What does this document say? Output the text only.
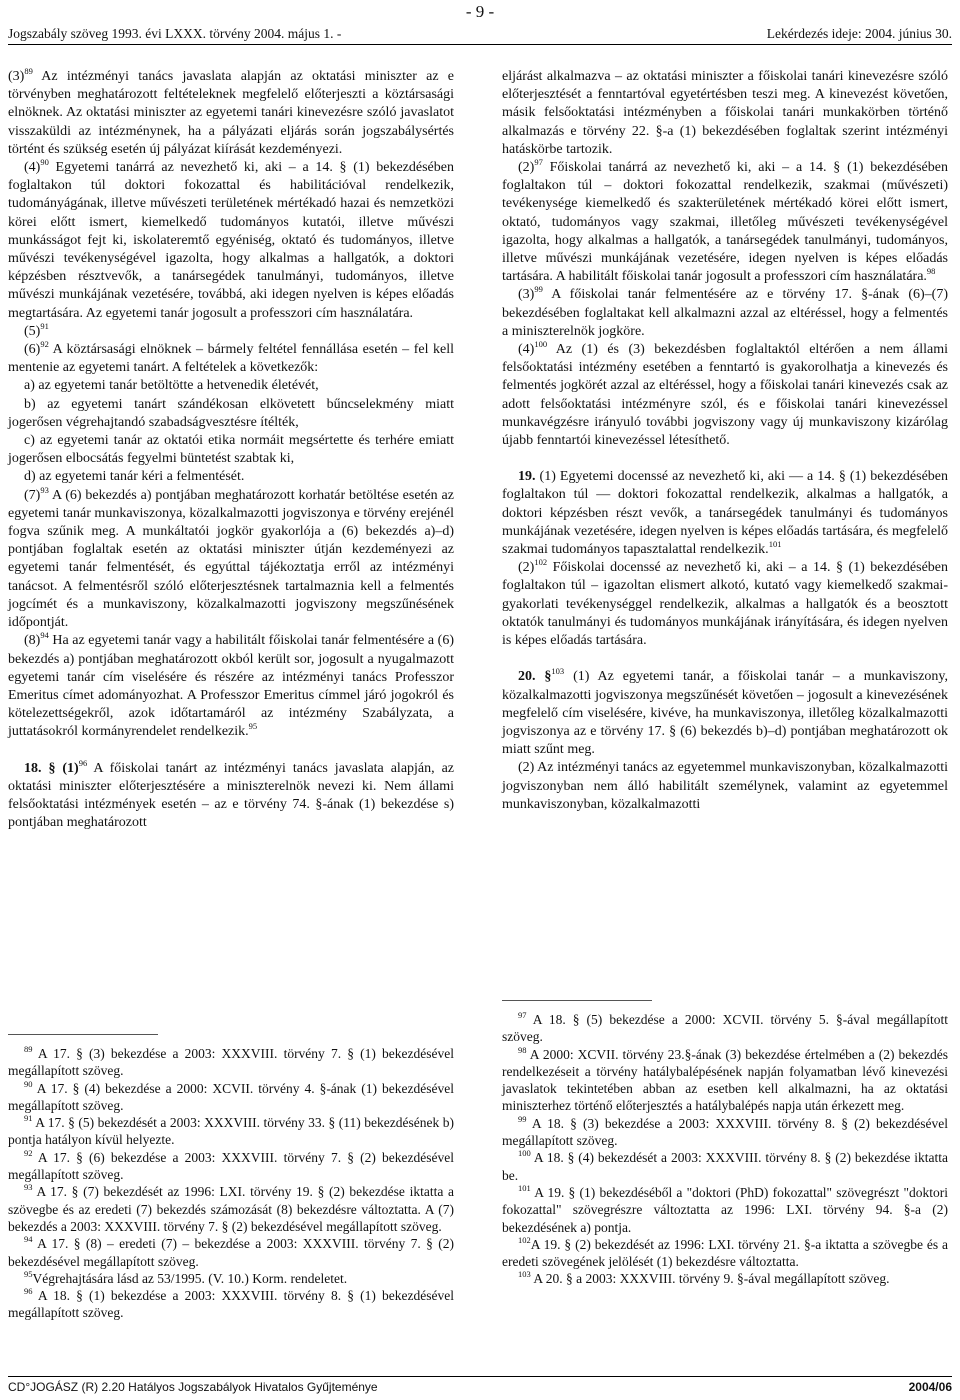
- 9 -
Jogszabály szöveg 1993. évi LXXX. törvény 2004. május 1. -	Lekérdezés ideje: 2004. június 30.

$(3)^{89}$ Az intézményi tanács javaslata alapján az oktatási miniszter az e törvényben meghatározott feltételeknek megfelelő előterjeszti a köztársasági elnöknek. Az oktatási miniszter az egyetemi tanári kinevezésre szóló javaslatot visszaküldi az intézménynek, ha a pályázati eljárás során jogszabálysértés történt és szükség esetén új pályázat kiírását kezdeményezi.

$(4)^{90}$ Egyetemi tanárrá az nevezhető ki, aki – a 14. § (1) bekezdésében foglaltakon túl doktori fokozattal és habilitációval rendelkezik, tudományágának, illetve művészeti területének mértékadó hazai és nemzetközi körei előtt ismert, kiemelkedő tudományos kutatói, illetve művészi munkásságot fejt ki, iskolateremtő egyéniség, oktató és tudományos, illetve művészi tevékenységével igazolta, hogy alkalmas a hallgatók, a doktori képzésben résztvevők, a tanársegédek tanulmányi, tudományos, illetve művészi munkájának vezetésére, továbbá, aki idegen nyelven is képes előadás megtartására. Az egyetemi tanár jogosult a professzori cím használatára.

$(5)^{91}$

$(6)^{92}$ A köztársasági elnöknek – bármely feltétel fennállása esetén – fel kell mentenie az egyetemi tanárt. A feltételek a következők:

a) az egyetemi tanár betöltötte a hetvenedik életévét,

b) az egyetemi tanárt szándékosan elkövetett bűncselekmény miatt jogerősen végrehajtandó szabadságvesztésre ítélték,

c) az egyetemi tanár az oktatói etika normáit megsértette és terhére emiatt jogerősen elbocsátás fegyelmi büntetést szabtak ki,

d) az egyetemi tanár kéri a felmentését.

$(7)^{93}$ A (6) bekezdés a) pontjában meghatározott korhatár betöltése esetén az egyetemi tanár munkaviszonya, közalkalmazotti jogviszonya e törvény erejénél fogva szűnik meg. A munkáltatói jogkör gyakorlója a (6) bekezdés a)–d) pontjában foglaltak esetén az oktatási miniszter útján kezdeményezi az egyetemi tanár felmentését, és egyúttal tájékoztatja erről az intézményi tanácsot. A felmentésről szóló előterjesztésnek tartalmaznia kell a felmentés jogcímét és a munkaviszony, közalkalmazotti jogviszony megszűnésének időpontját.

$(8)^{94}$ Ha az egyetemi tanár vagy a habilitált főiskolai tanár felmentésére a (6) bekezdés a) pontjában meghatározott okból került sor, jogosult a nyugalmazott egyetemi tanár cím viselésére és részére az intézményi tanács Professzor Emeritus címet adományozhat. A Professzor Emeritus címmel járó jogokról és kötelezettségekről, azok időtartamáról az intézmény Szabályzata, a juttatásokról kormányrendelet rendelkezik.$^{95}$

18. § $(1)^{96}$ A főiskolai tanárt az intézményi tanács javaslata alapján, az oktatási miniszter előterjesztésére a miniszterelnök nevezi ki. Nem állami felsőoktatási intézmények esetén – az e törvény 74. §-ának (1) bekezdése s) pontjában meghatározott

eljárást alkalmazva – az oktatási miniszter a főiskolai tanári kinevezésre szóló előterjesztését a fenntartóval egyetértésben teszi meg. A kinevezést követően, másik felsőoktatási intézményben a főiskolai tanári munkakörben történő alkalmazás e törvény 22. §-a (1) bekezdésében foglaltak szerint intézményi hatáskörbe tartozik.

$(2)^{97}$ Főiskolai tanárrá az nevezhető ki, aki – a 14. § (1) bekezdésében foglaltakon túl – doktori fokozattal rendelkezik, szakmai (művészeti) tevékenysége kiemelkedő és szakterületének mértékadó körei előtt ismert, oktató, tudományos vagy szakmai, illetőleg művészeti tevékenységével igazolta, hogy alkalmas a hallgatók, a tanársegédek tanulmányi, tudományos, illetve művészi munkájának vezetésére, idegen nyelven is képes előadás tartására. A habilitált főiskolai tanár jogosult a professzori cím használatára.$^{98}$

$(3)^{99}$ A főiskolai tanár felmentésére az e törvény 17. §-ának (6)–(7) bekezdésében foglaltakat kell alkalmazni azzal az eltéréssel, hogy a felmentés a miniszterelnök jogköre.

$(4)^{100}$ Az (1) és (3) bekezdésben foglaltaktól eltérően a nem állami felsőoktatási intézmény esetében a fenntartó is gyakorolhatja a kinevezés és felmentés jogkörét azzal az eltéréssel, hogy a főiskolai tanári kinevezés csak az adott felsőoktatási intézményre szól, és e főiskolai tanári kinevezéssel munkavégzésre irányuló további jogviszony vagy új munkaviszony kizárólag újabb fenntartói kinevezéssel létesíthető.

19. (1) Egyetemi docenssé az nevezhető ki, aki — a 14. § (1) bekezdésében foglaltakon túl — doktori fokozattal rendelkezik, alkalmas a hallgatók, a doktori képzésben részt vevők, a tanársegédek tanulmányi és tudományos munkájának vezetésére, idegen nyelven is képes előadás tartására, és megfelelő szakmai tudományos tapasztalattal rendelkezik.$^{101}$

$(2)^{102}$ Főiskolai docenssé az nevezhető ki, aki – a 14. § (1) bekezdésében foglaltakon túl – igazoltan elismert alkotó, kutató vagy kiemelkedő szakmai-gyakorlati tevékenységgel rendelkezik, alkalmas a hallgatók és a beosztott oktatók tanulmányi és tudományos munkájának irányítására, és idegen nyelven is képes előadás tartására.

20. §$^{103}$ (1) Az egyetemi tanár, a főiskolai tanár – a munkaviszony, közalkalmazotti jogviszonya megszűnését követően – jogosult a kinevezésének megfelelő cím viselésére, kivéve, ha munkaviszonya, illetőleg közalkalmazotti jogviszonya az e törvény 17. § (6) bekezdés b)–d) pontjában meghatározott ok miatt szűnt meg.

(2) Az intézményi tanács az egyetemmel munkaviszonyban, közalkalmazotti jogviszonyban nem álló habilitált személynek, valamint az egyetemmel munkaviszonyban, közalkalmazotti

$^{89}$ A 17. § (3) bekezdése a 2003: XXXVIII. törvény 7. § (1) bekezdésével megállapított szöveg.

$^{90}$ A 17. § (4) bekezdése a 2000: XCVII. törvény 4. §-ának (1) bekezdésével megállapított szöveg.

$^{91}$ A 17. § (5) bekezdését a 2003: XXXVIII. törvény 33. § (11) bekezdésének b) pontja hatályon kívül helyezte.

$^{92}$ A 17. § (6) bekezdése a 2003: XXXVIII. törvény 7. § (2) bekezdésével megállapított szöveg.

$^{93}$ A 17. § (7) bekezdését az 1996: LXI. törvény 19. § (2) bekezdése iktatta a szövegbe és az eredeti (7) bekezdés számozását (8) bekezdésre változtatta. A (7) bekezdés a 2003: XXXVIII. törvény 7. § (2) bekezdésével megállapított szöveg.

$^{94}$ A 17. § (8) – eredeti (7) – bekezdése a 2003: XXXVIII. törvény 7. § (2) bekezdésével megállapított szöveg.

$^{95}$Végrehajtására lásd az 53/1995. (V. 10.) Korm. rendeletet.

$^{96}$ A 18. § (1) bekezdése a 2003: XXXVIII. törvény 8. § (1) bekezdésével megállapított szöveg.

$^{97}$ A 18. § (5) bekezdése a 2000: XCVII. törvény 5. §-ával megállapított szöveg.

$^{98}$ A 2000: XCVII. törvény 23.§-ának (3) bekezdése értelmében a (2) bekezdés rendelkezéseit a törvény hatálybalépésének napján folyamatban lévő kinevezési javaslatok tekintetében abban az esetben kell alkalmazni, ha az oktatási miniszterhez történő előterjesztés a hatálybalépés napja után érkezett meg.

$^{99}$ A 18. § (3) bekezdése a 2003: XXXVIII. törvény 8. § (2) bekezdésével megállapított szöveg.

$^{100}$ A 18. § (4) bekezdését a 2003: XXXVIII. törvény 8. § (2) bekezdése iktatta be.

$^{101}$ A 19. § (1) bekezdéséből a "doktori (PhD) fokozattal" szövegrészt "doktori fokozattal" szövegrészre változtatta az 1996: LXI. törvény 94. §-a (2) bekezdésének a) pontja.

$^{102}$A 19. § (2) bekezdését az 1996: LXI. törvény 21. §-a iktatta a szövegbe és a eredeti szövegének jelölését (1) bekezdésre változtatta.

$^{103}$ A 20. § a 2003: XXXVIII. törvény 9. §-ával megállapított szöveg.

CD°JOGÁSZ (R) 2.20 Hatályos Jogszabályok Hivatalos Gyűjteménye	2004/06
